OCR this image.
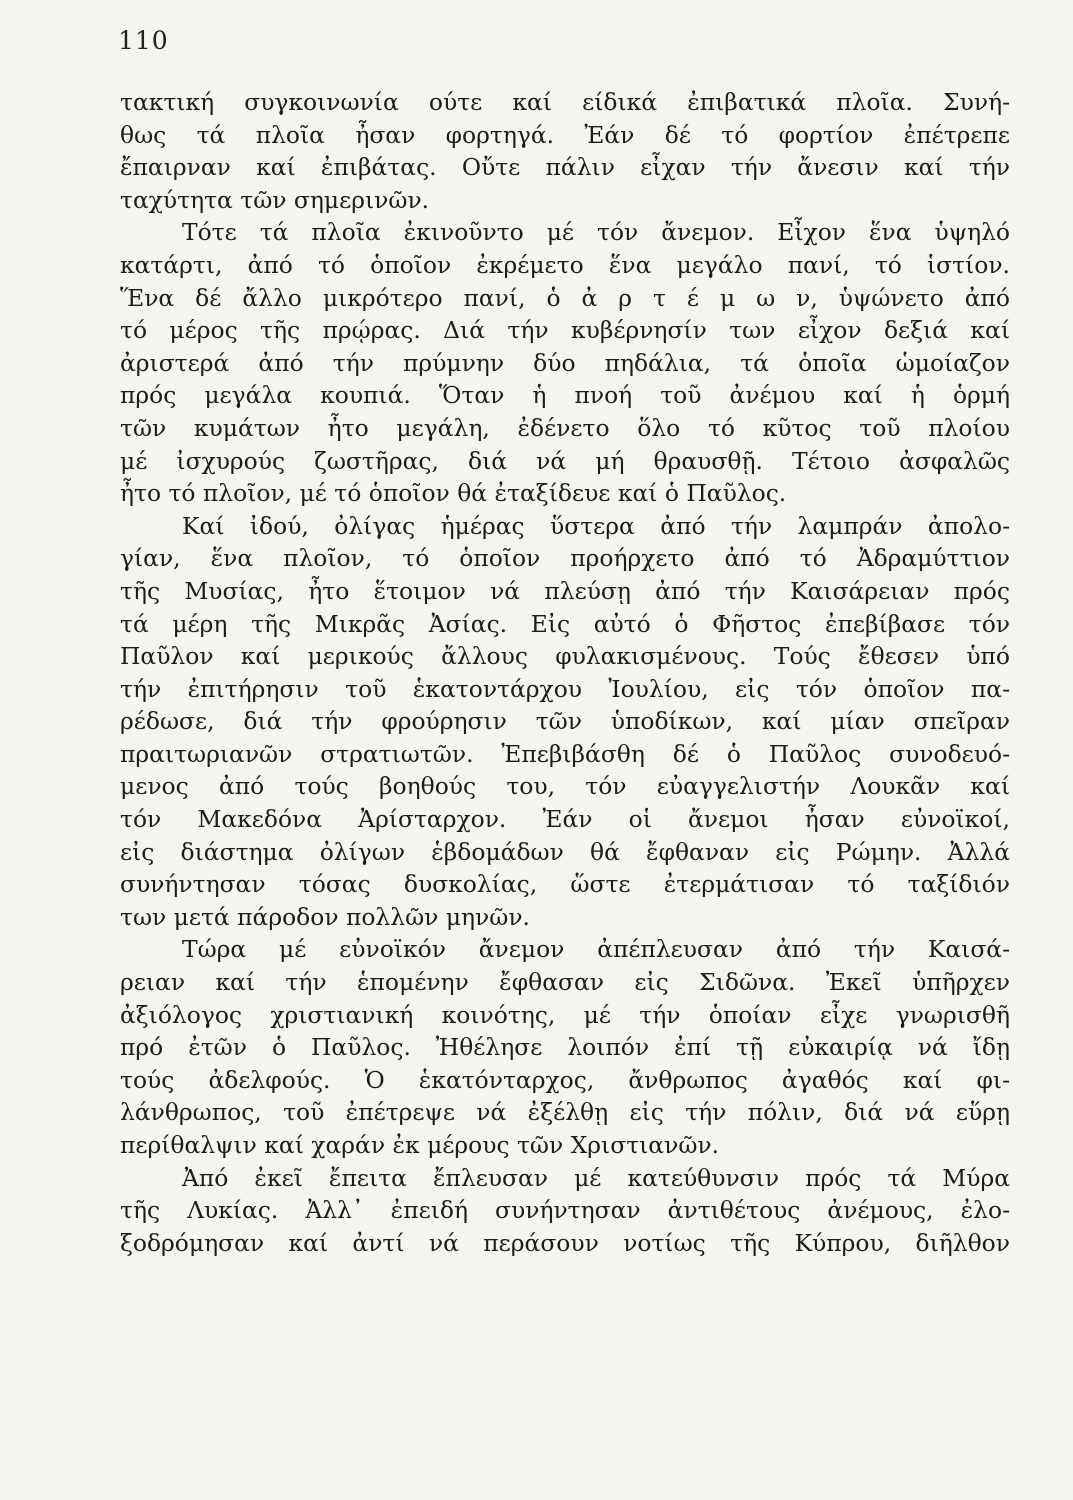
110
τακτική συγκοινωνία ούτε καί είδικά ἐπιβατικά πλοῖα. Συνή-
θως τά πλοῖα ἦσαν φορτηγά. Ἐάν δέ τό φορτίον ἐπέτρεπε
ἔπαιρναν καί ἐπιβάτας. Οὔτε πάλιν εἶχαν τήν ἄνεσιν καί τήν
ταχύτητα τῶν σημερινῶν.
Τότε τά πλοῖα ἐκινοῦντο μέ τόν ἄνεμον. Εἶχον ἕνα ὑψηλό
κατάρτι, ἀπό τό ὁποῖον ἐκρέμετο ἕνα μεγάλο πανί, τό ἱστίον.
Ἕνα δέ ἄλλο μικρότερο πανί, ὁ ἀ ρ τ έ μ ω ν, ὑψώνετο ἀπό
τό μέρος τῆς πρῴρας. Διά τήν κυβέρνησίν των εἶχον δεξιά καί
ἀριστερά ἀπό τήν πρύμνην δύο πηδάλια, τά ὁποῖα ὡμοίαζον
πρός μεγάλα κουπιά. Ὅταν ἡ πνοή τοῦ ἀνέμου καί ἡ ὁρμή
τῶν κυμάτων ἦτο μεγάλη, ἐδένετο ὅλο τό κῦτος τοῦ πλοίου
μέ ἰσχυρούς ζωστῆρας, διά νά μή θραυσθῇ. Τέτοιο ἀσφαλῶς
ἦτο τό πλοῖον, μέ τό ὁποῖον θά ἐταξίδευε καί ὁ Παῦλος.
Καί ἰδού, ὀλίγας ἡμέρας ὕστερα ἀπό τήν λαμπράν ἀπολο-
γίαν, ἕνα πλοῖον, τό ὁποῖον προήρχετο ἀπό τό Ἀδραμύττιον
τῆς Μυσίας, ἦτο ἕτοιμον νά πλεύσῃ ἀπό τήν Καισάρειαν πρός
τά μέρη τῆς Μικρᾶς Ἀσίας. Εἰς αὐτό ὁ Φῆστος ἐπεβίβασε τόν
Παῦλον καί μερικούς ἄλλους φυλακισμένους. Τούς ἔθεσεν ὑπό
τήν ἐπιτήρησιν τοῦ ἑκατοντάρχου Ἰουλίου, εἰς τόν ὁποῖον πα-
ρέδωσε, διά τήν φρούρησιν τῶν ὑποδίκων, καί μίαν σπεῖραν
πραιτωριανῶν στρατιωτῶν. Ἐπεβιβάσθη δέ ὁ Παῦλος συνοδευό-
μενος ἀπό τούς βοηθούς του, τόν εὐαγγελιστήν Λουκᾶν καί
τόν Μακεδόνα Ἀρίσταρχον. Ἐάν οἱ ἄνεμοι ἦσαν εὐνοϊκοί,
εἰς διάστημα ὀλίγων ἑβδομάδων θά ἔφθαναν εἰς Ρώμην. Ἀλλά
συνήντησαν τόσας δυσκολίας, ὥστε ἐτερμάτισαν τό ταξίδιόν
των μετά πάροδον πολλῶν μηνῶν.
Τώρα μέ εὐνοϊκόν ἄνεμον ἀπέπλευσαν ἀπό τήν Καισά-
ρειαν καί τήν ἑπομένην ἔφθασαν εἰς Σιδῶνα. Ἐκεῖ ὑπῆρχεν
ἀξιόλογος χριστιανική κοινότης, μέ τήν ὁποίαν εἶχε γνωρισθῆ
πρό ἐτῶν ὁ Παῦλος. Ἠθέλησε λοιπόν ἐπί τῇ εὐκαιρίᾳ νά ἴδῃ
τούς ἀδελφούς. Ὁ ἑκατόνταρχος, ἄνθρωπος ἀγαθός καί φι-
λάνθρωπος, τοῦ ἐπέτρεψε νά ἐξέλθῃ εἰς τήν πόλιν, διά νά εὕρῃ
περίθαλψιν καί χαράν ἐκ μέρους τῶν Χριστιανῶν.
Ἀπό ἐκεῖ ἔπειτα ἔπλευσαν μέ κατεύθυνσιν πρός τά Μύρα
τῆς Λυκίας. Ἀλλ᾽ ἐπειδή συνήντησαν ἀντιθέτους ἀνέμους, ἐλο-
ξοδρόμησαν καί ἀντί νά περάσουν νοτίως τῆς Κύπρου, διῆλθον
